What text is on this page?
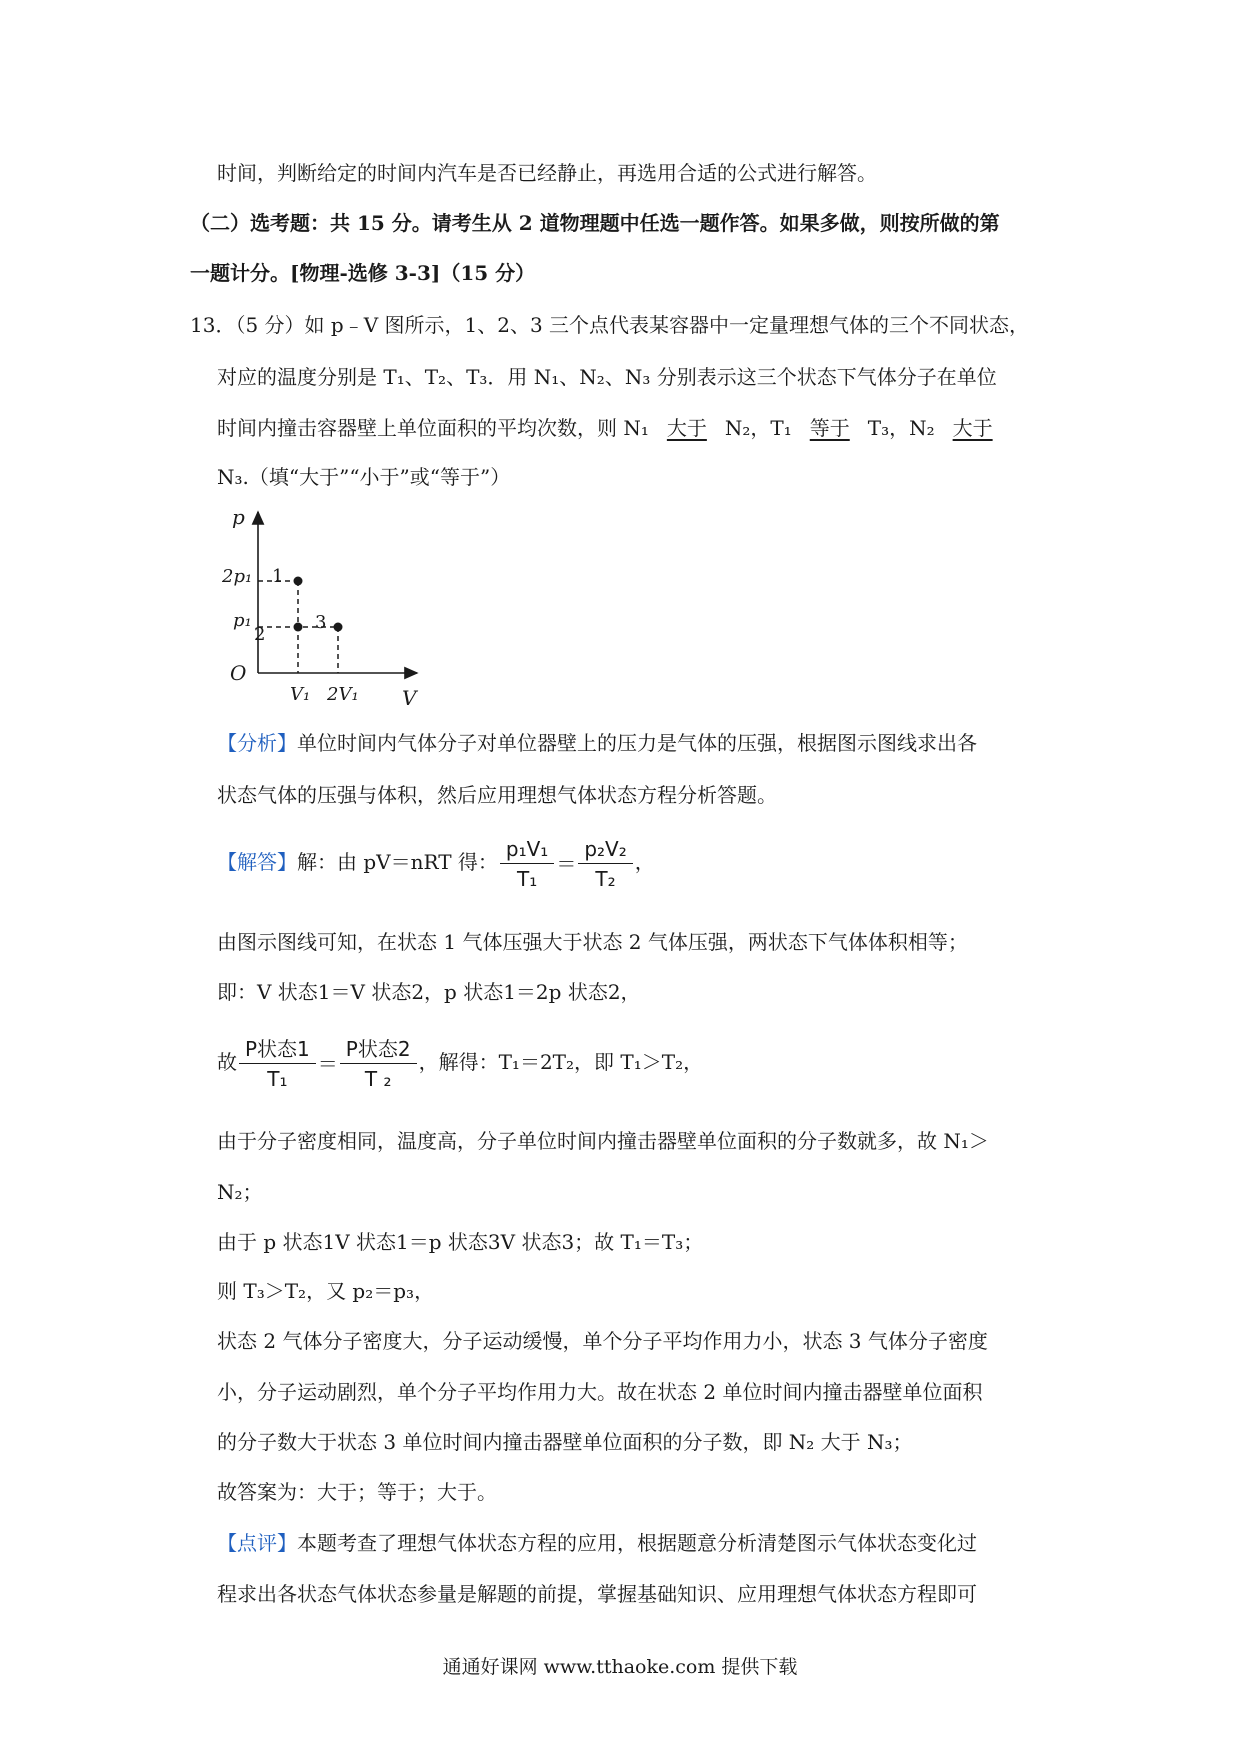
时间，判断给定的时间内汽车是否已经静止，再选用合适的公式进行解答。
（二）选考题：共 15 分。请考生从 2 道物理题中任选一题作答。如果多做，则按所做的第
一题计分。[物理-选修 3-3]（15 分）
13．（5 分）如 p﹣V 图所示，1、2、3 三个点代表某容器中一定量理想气体的三个不同状态，
对应的温度分别是 T₁、T₂、T₃．用 N₁、N₂、N₃ 分别表示这三个状态下气体分子在单位
时间内撞击容器壁上单位面积的平均次数，则 N₁ 大于 N₂，T₁ 等于 T₃，N₂ 大于
N₃.（填“大于”“小于”或“等于”）
p
V
O
2p₁
p₁
V₁ 2V₁
1
2
3
【分析】单位时间内气体分子对单位器壁上的压力是气体的压强，根据图示图线求出各
状态气体的压强与体积，然后应用理想气体状态方程分析答题。
【解答】解：由 pV＝nRT 得： $\frac{\text{p₁V₁}}{\text{T₁}} = \frac{\text{p₂V₂}}{\text{T₂}}$ ，
由图示图线可知，在状态 1 气体压强大于状态 2 气体压强，两状态下气体体积相等；
即：V 状态1＝V 状态2，p 状态1＝2p 状态2，
故 $\frac{\text{P状态1}}{\text{T₁}} = \frac{\text{P状态2}}{\text{T ₂}}$ ，解得：T₁＝2T₂，即 T₁＞T₂，
由于分子密度相同，温度高，分子单位时间内撞击器壁单位面积的分子数就多，故 N₁＞
N₂；
由于 p 状态1V 状态1＝p 状态3V 状态3；故 T₁＝T₃；
则 T₃＞T₂，又 p₂＝p₃，
状态 2 气体分子密度大，分子运动缓慢，单个分子平均作用力小，状态 3 气体分子密度
小，分子运动剧烈，单个分子平均作用力大。故在状态 2 单位时间内撞击器壁单位面积
的分子数大于状态 3 单位时间内撞击器壁单位面积的分子数，即 N₂ 大于 N₃；
故答案为：大于；等于；大于。
【点评】本题考查了理想气体状态方程的应用，根据题意分析清楚图示气体状态变化过
程求出各状态气体状态参量是解题的前提，掌握基础知识、应用理想气体状态方程即可
通通好课网 www.tthaoke.com 提供下载
